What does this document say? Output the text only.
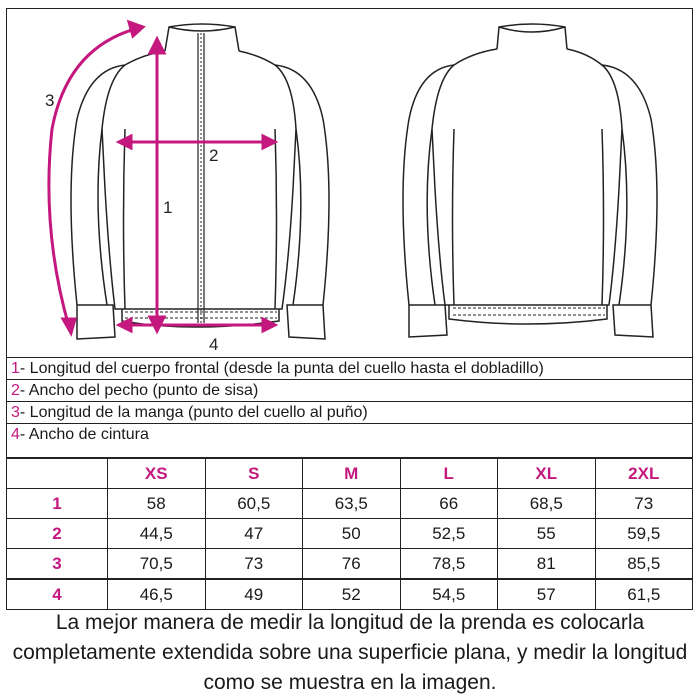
1
2
3
4
1- Longitud del cuerpo frontal (desde la punta del cuello hasta el dobladillo)
2- Ancho del pecho (punto de sisa)
3- Longitud de la manga (punto del cuello al puño)
4- Ancho de cintura
	XS	S	M	L	XL	2XL
1	58	60,5	63,5	66	68,5	73
2	44,5	47	50	52,5	55	59,5
3	70,5	73	76	78,5	81	85,5
4	46,5	49	52	54,5	57	61,5
La mejor manera de medir la longitud de la prenda es colocarla completamente extendida sobre una superficie plana, y medir la longitud como se muestra en la imagen.
